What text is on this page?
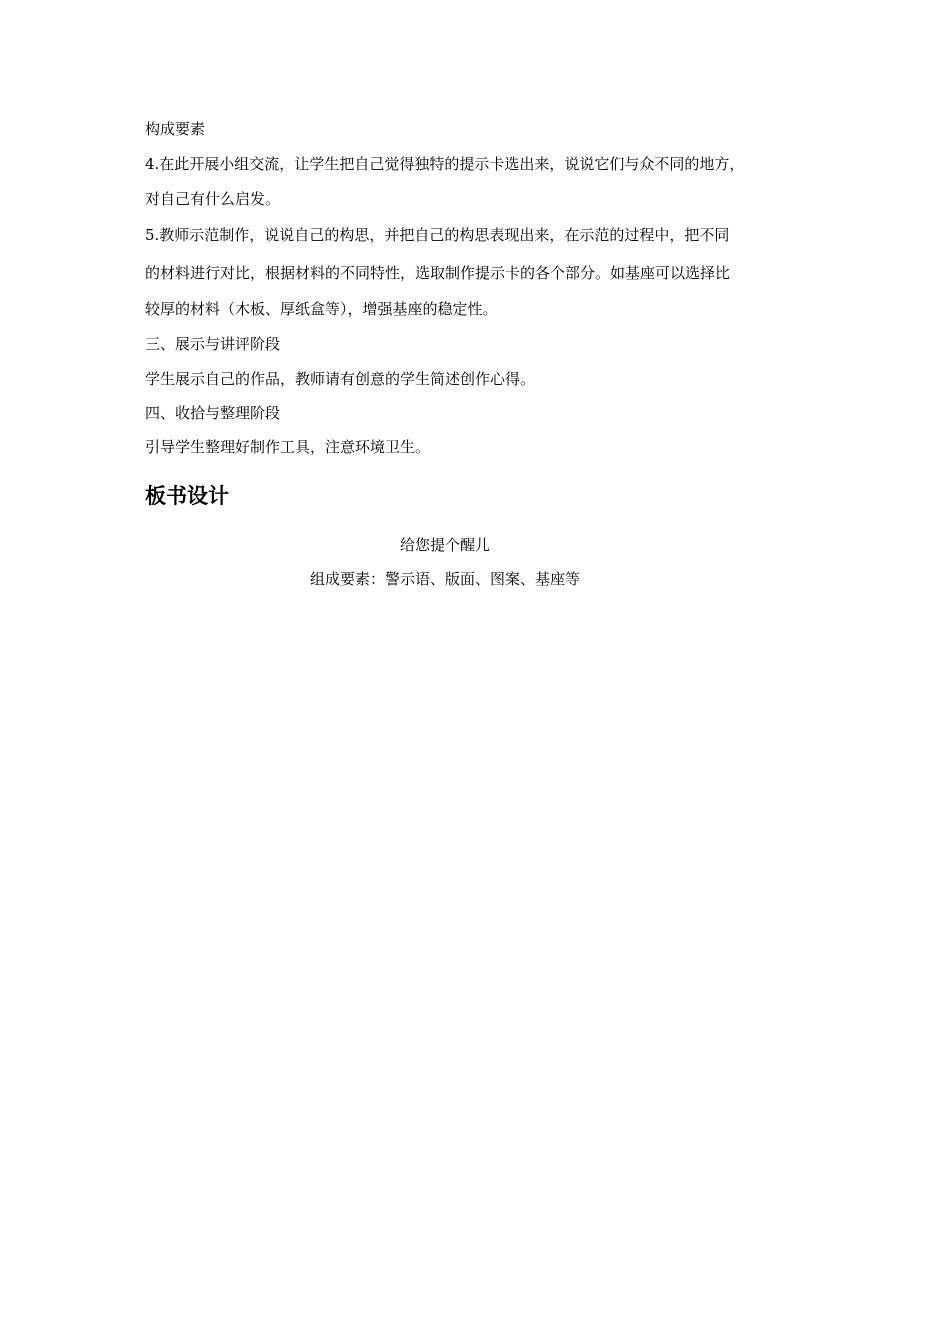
构成要素
4.在此开展小组交流，让学生把自己觉得独特的提示卡选出来，说说它们与众不同的地方，
对自己有什么启发。
5.教师示范制作，说说自己的构思，并把自己的构思表现出来，在示范的过程中，把不同
的材料进行对比，根据材料的不同特性，选取制作提示卡的各个部分。如基座可以选择比
较厚的材料（木板、厚纸盒等），增强基座的稳定性。
三、展示与讲评阶段
学生展示自己的作品，教师请有创意的学生简述创作心得。
四、收拾与整理阶段
引导学生整理好制作工具，注意环境卫生。
板书设计
给您提个醒儿
组成要素：警示语、版面、图案、基座等
